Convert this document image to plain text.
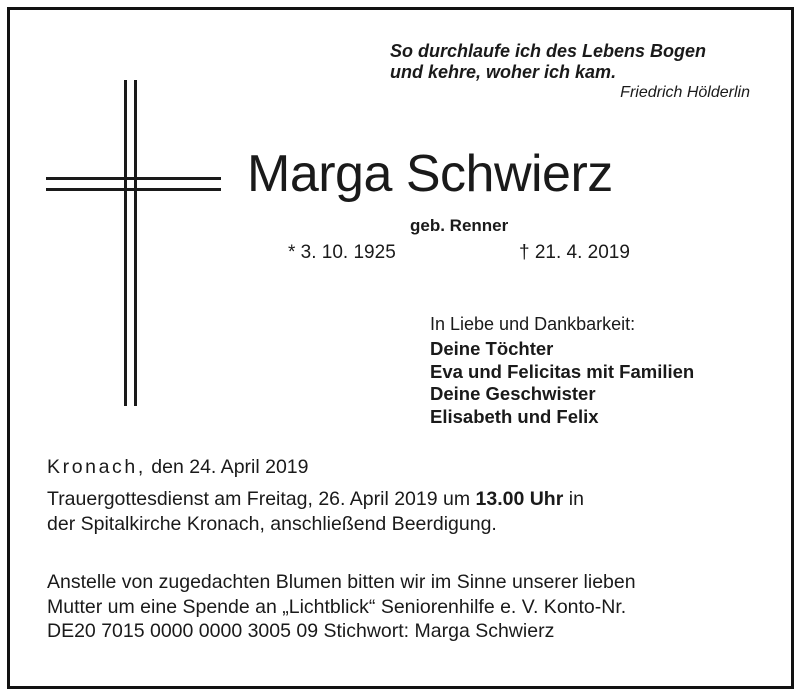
So durchlaufe ich des Lebens Bogen
und kehre, woher ich kam.
Friedrich Hölderlin
Marga Schwierz
geb. Renner
* 3. 10. 1925	† 21. 4. 2019
In Liebe und Dankbarkeit:
Deine Töchter
Eva und Felicitas mit Familien
Deine Geschwister
Elisabeth und Felix
Kronach, den 24. April 2019
Trauergottesdienst am Freitag, 26. April 2019 um 13.00 Uhr in
der Spitalkirche Kronach, anschließend Beerdigung.
Anstelle von zugedachten Blumen bitten wir im Sinne unserer lieben
Mutter um eine Spende an „Lichtblick“ Seniorenhilfe e. V. Konto-Nr.
DE20 7015 0000 0000 3005 09 Stichwort: Marga Schwierz
